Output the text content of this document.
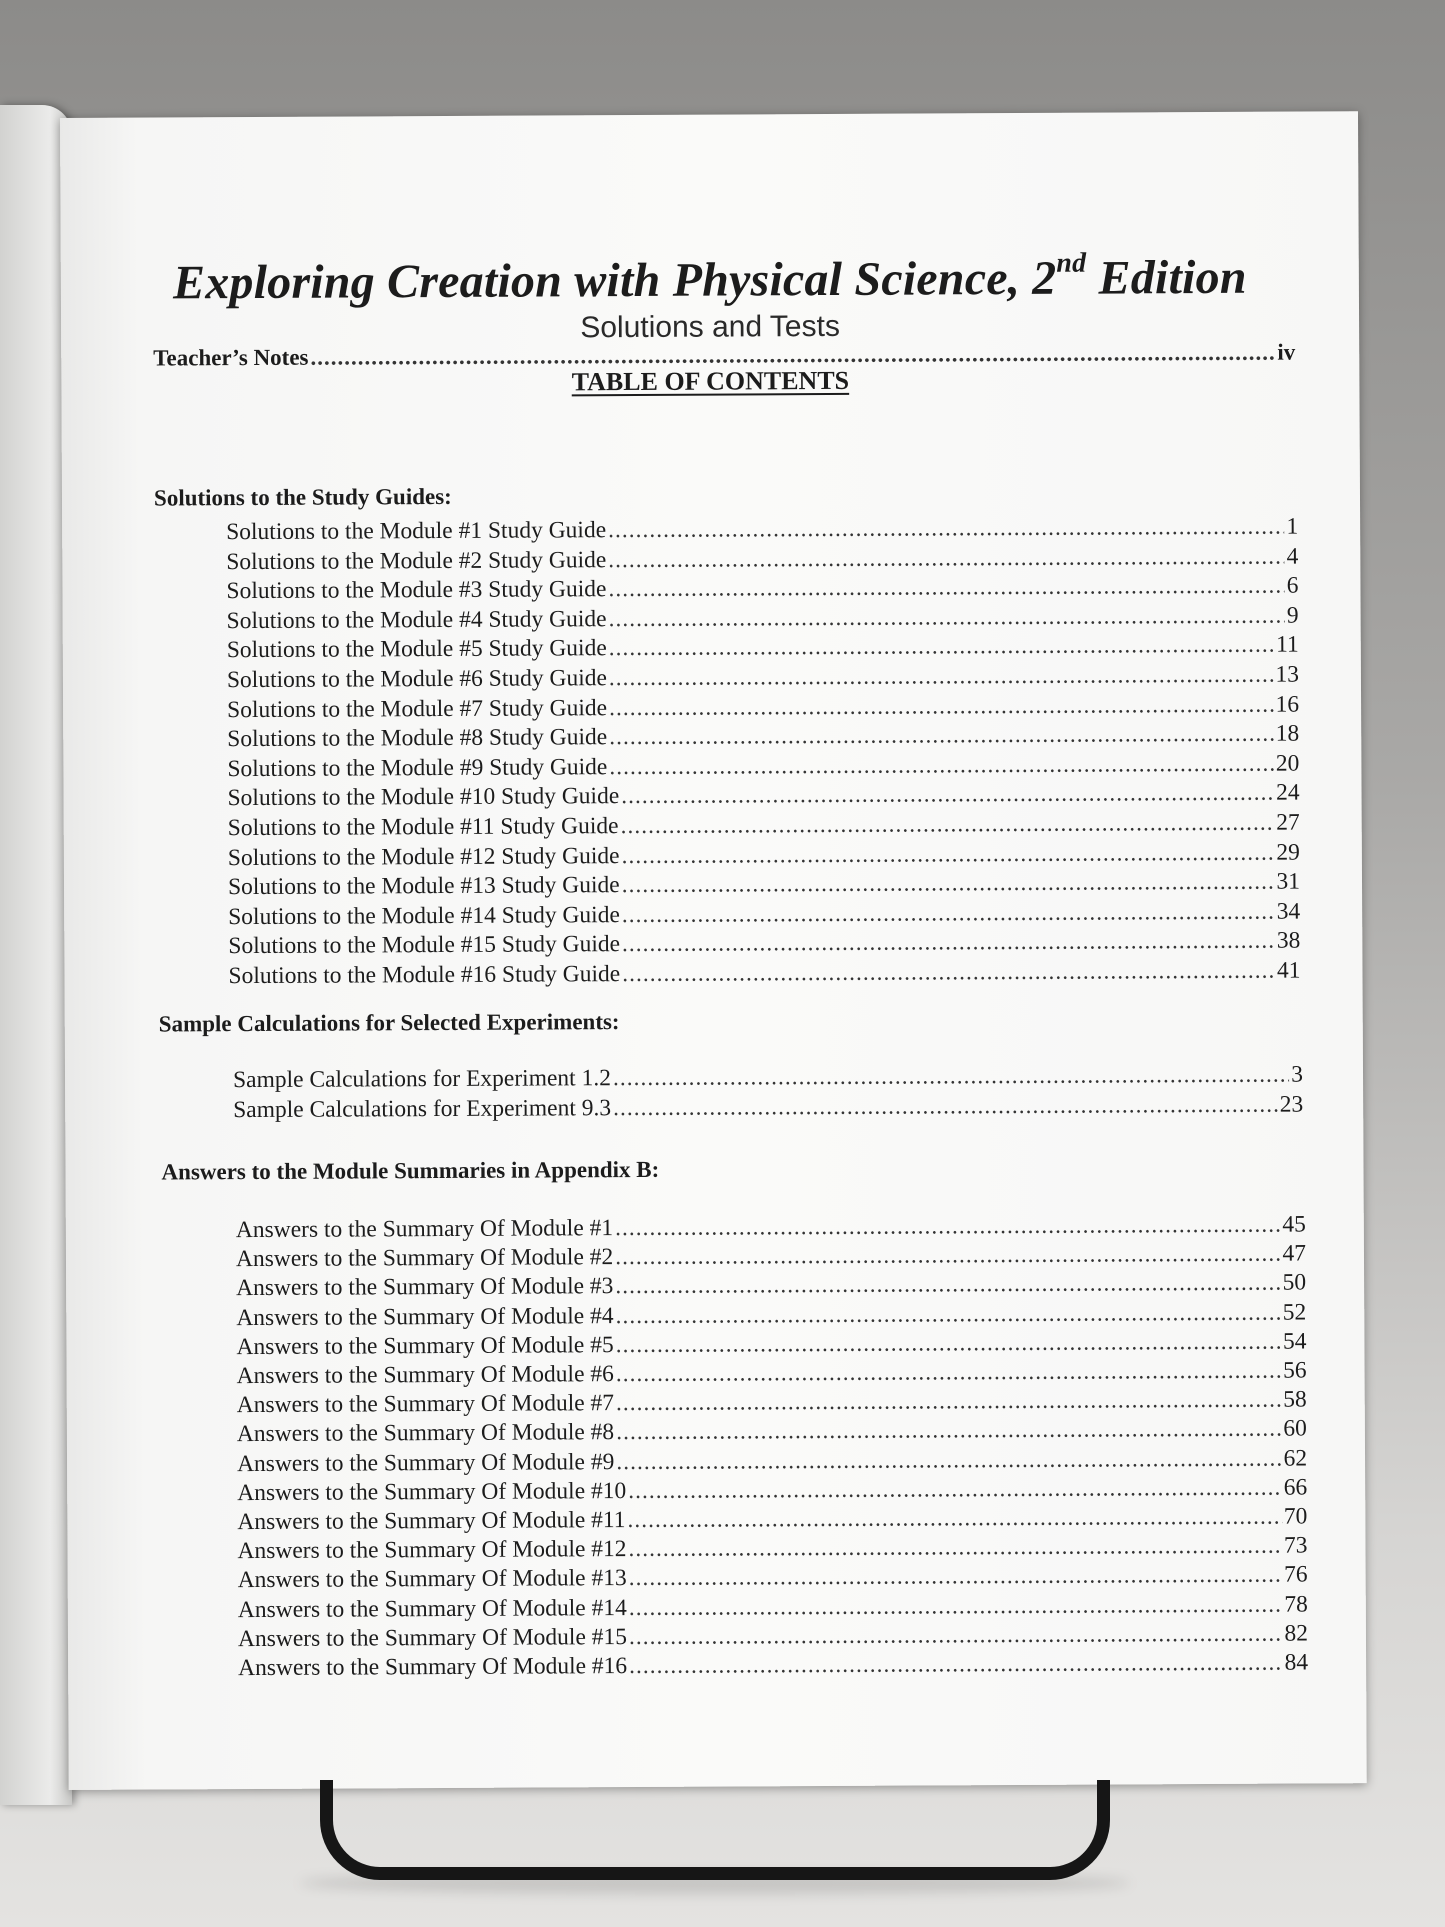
Exploring Creation with Physical Science, 2nd Edition
Solutions and Tests
TABLE OF CONTENTS
Teacher’s Notes .....	iv
Solutions to the Study Guides:
Solutions to the Module #1 Study Guide .....	1
Solutions to the Module #2 Study Guide .....	4
Solutions to the Module #3 Study Guide .....	6
Solutions to the Module #4 Study Guide .....	9
Solutions to the Module #5 Study Guide .....	11
Solutions to the Module #6 Study Guide .....	13
Solutions to the Module #7 Study Guide .....	16
Solutions to the Module #8 Study Guide .....	18
Solutions to the Module #9 Study Guide .....	20
Solutions to the Module #10 Study Guide .....	24
Solutions to the Module #11 Study Guide .....	27
Solutions to the Module #12 Study Guide .....	29
Solutions to the Module #13 Study Guide .....	31
Solutions to the Module #14 Study Guide .....	34
Solutions to the Module #15 Study Guide .....	38
Solutions to the Module #16 Study Guide .....	41
Sample Calculations for Selected Experiments:
Sample Calculations for Experiment 1.2 .....	3
Sample Calculations for Experiment 9.3 .....	23
Answers to the Module Summaries in Appendix B:
Answers to the Summary Of Module #1 .....	45
Answers to the Summary Of Module #2 .....	47
Answers to the Summary Of Module #3 .....	50
Answers to the Summary Of Module #4 .....	52
Answers to the Summary Of Module #5 .....	54
Answers to the Summary Of Module #6 .....	56
Answers to the Summary Of Module #7 .....	58
Answers to the Summary Of Module #8 .....	60
Answers to the Summary Of Module #9 .....	62
Answers to the Summary Of Module #10 .....	66
Answers to the Summary Of Module #11 .....	70
Answers to the Summary Of Module #12 .....	73
Answers to the Summary Of Module #13 .....	76
Answers to the Summary Of Module #14 .....	78
Answers to the Summary Of Module #15 .....	82
Answers to the Summary Of Module #16 .....	84
